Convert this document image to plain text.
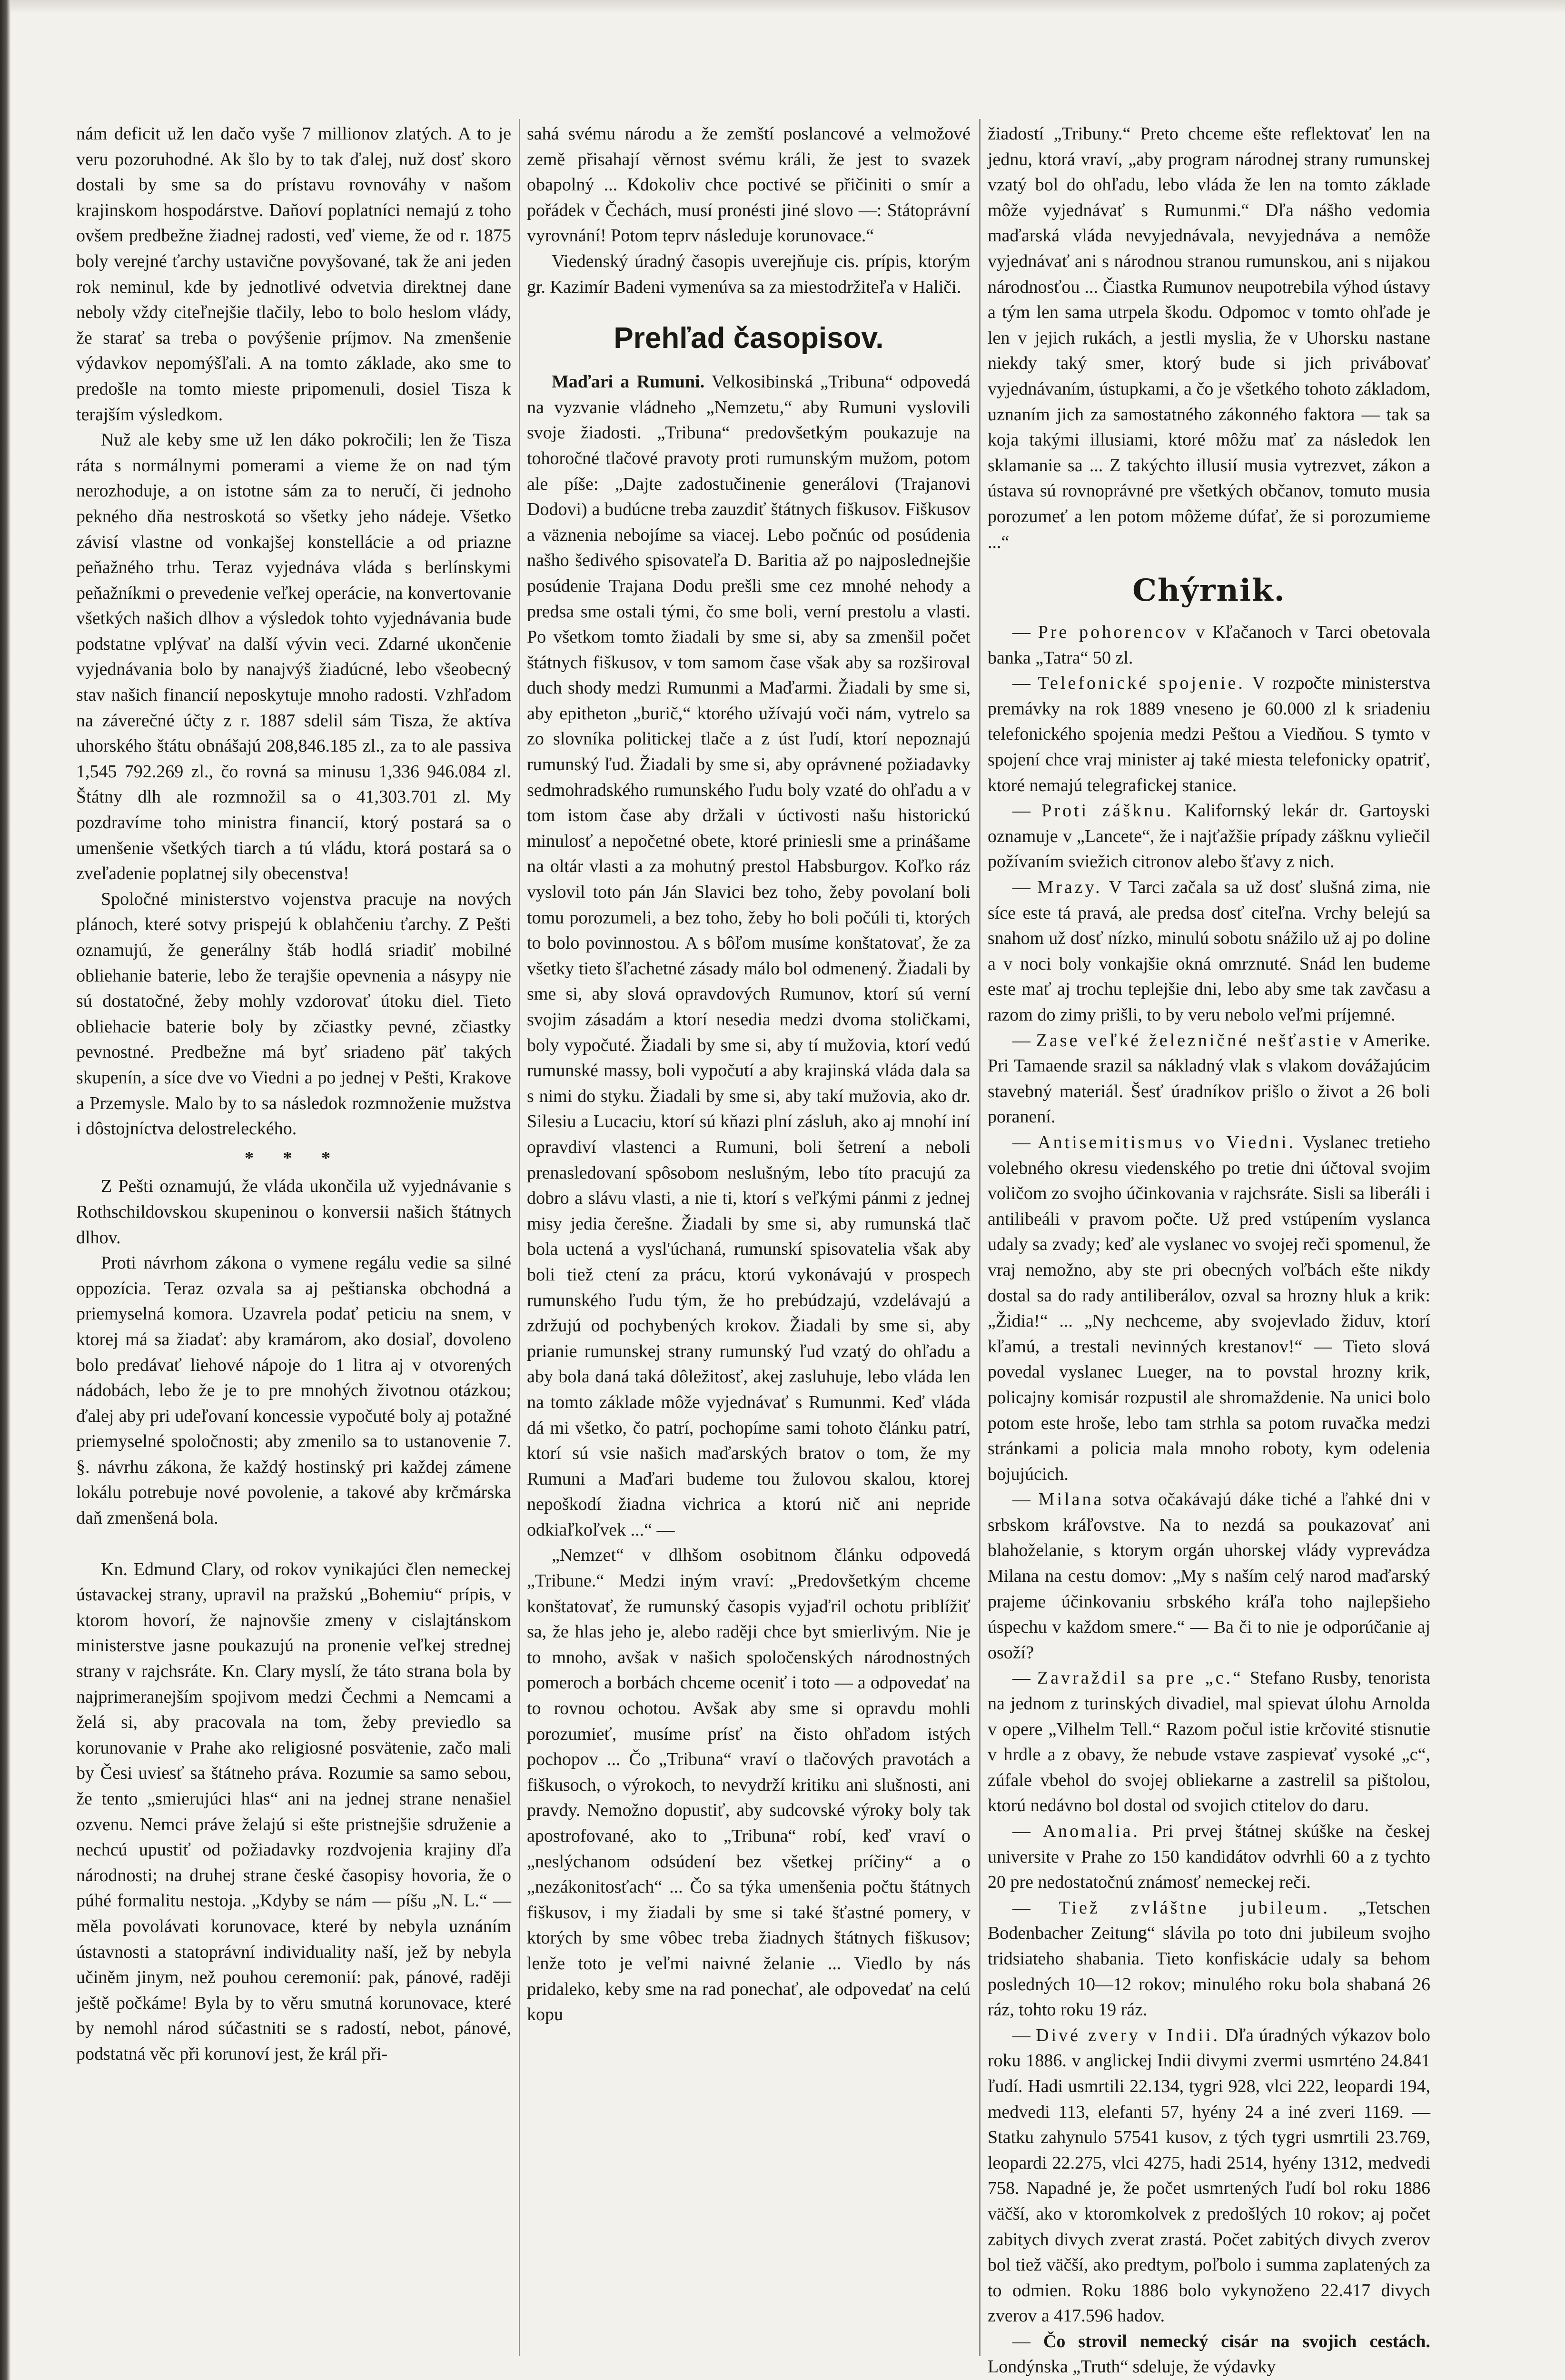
nám deficit už len dačo vyše 7 millionov zlatých. A to je veru pozoruhodné. Ak šlo by to tak ďalej, nuž dosť skoro dostali by sme sa do prístavu rovnováhy v našom krajinskom hospodárstve. Daňoví poplatníci nemajú z toho ovšem predbežne žiadnej radosti, veď vieme, že od r. 1875 boly verejné ťarchy ustavične povyšované, tak že ani jeden rok neminul, kde by jednotlivé odvetvia direktnej dane neboly vždy citeľnejšie tlačily, lebo to bolo heslom vlády, že starať sa treba o povýšenie príjmov. Na zmenšenie výdavkov nepomýšľali. A na tomto základe, ako sme to predošle na tomto mieste pripomenuli, dosiel Tisza k terajším výsledkom.

Nuž ale keby sme už len dáko pokročili; len že Tisza ráta s normálnymi pomerami a vieme že on nad tým nerozhoduje, a on istotne sám za to neručí, či jednoho pekného dňa nestroskotá so všetky jeho nádeje. Všetko závisí vlastne od vonkajšej konstellácie a od priazne peňažného trhu. Teraz vyjednáva vláda s berlínskymi peňažníkmi o prevedenie veľkej operácie, na konvertovanie všetkých našich dlhov a výsledok tohto vyjednávania bude podstatne vplývať na další vývin veci. Zdarné ukončenie vyjednávania bolo by nanajvýš žiadúcné, lebo všeobecný stav našich financií neposkytuje mnoho radosti. Vzhľadom na záverečné účty z r. 1887 sdelil sám Tisza, že aktíva uhorského štátu obnášajú 208,846.185 zl., za to ale passiva 1,545 792.269 zl., čo rovná sa minusu 1,336 946.084 zl. Štátny dlh ale rozmnožil sa o 41,303.701 zl. My pozdravíme toho ministra financií, ktorý postará sa o umenšenie všetkých tiarch a tú vládu, ktorá postará sa o zveľadenie poplatnej sily obecenstva!

Spoločné ministerstvo vojenstva pracuje na nových plánoch, které sotvy prispejú k oblahčeniu ťarchy. Z Pešti oznamujú, že generálny štáb hodlá sriadiť mobilné obliehanie baterie, lebo že terajšie opevnenia a násypy nie sú dostatočné, žeby mohly vzdorovať útoku diel. Tieto obliehacie baterie boly by zčiastky pevné, zčiastky pevnostné. Predbežne má byť sriadeno päť takých skupenín, a síce dve vo Viedni a po jednej v Pešti, Krakove a Przemysle. Malo by to sa následok rozmnoženie mužstva i dôstojníctva delostreleckého.

* * *

Z Pešti oznamujú, že vláda ukončila už vyjednávanie s Rothschildovskou skupeninou o konversii našich štátnych dlhov.

Proti návrhom zákona o vymene regálu vedie sa silné oppozícia. Teraz ozvala sa aj peštianska obchodná a priemyselná komora. Uzavrela podať peticiu na snem, v ktorej má sa žiadať: aby kramárom, ako dosiaľ, dovoleno bolo predávať liehové nápoje do 1 litra aj v otvorených nádobách, lebo že je to pre mnohých životnou otázkou; ďalej aby pri udeľovaní koncessie vypočuté boly aj potažné priemyselné spoločnosti; aby zmenilo sa to ustanovenie 7. §. návrhu zákona, že každý hostinský pri každej zámene lokálu potrebuje nové povolenie, a takové aby krčmárska daň zmenšená bola.

Kn. Edmund Clary, od rokov vynikajúci člen nemeckej ústavackej strany, upravil na pražskú „Bohemiu“ prípis, v ktorom hovorí, že najnovšie zmeny v cislajtánskom ministerstve jasne poukazujú na pronenie veľkej strednej strany v rajchsráte. Kn. Clary myslí, že táto strana bola by najprimeranejším spojivom medzi Čechmi a Nemcami a želá si, aby pracovala na tom, žeby previedlo sa korunovanie v Prahe ako religiosné posvätenie, začo mali by Česi uviesť sa štátneho práva. Rozumie sa samo sebou, že tento „smierujúci hlas“ ani na jednej strane nenašiel ozvenu. Nemci práve želajú si ešte pristnejšie sdruženie a nechcú upustiť od požiadavky rozdvojenia krajiny dľa národnosti; na druhej strane české časopisy hovoria, že o púhé formalitu nestoja. „Kdyby se nám — píšu „N. L.“ — měla povolávati korunovace, které by nebyla uznáním ústavnosti a statoprávní individuality naší, jež by nebyla učiněm jinym, než pouhou ceremonií: pak, pánové, raději ještě počkáme! Byla by to věru smutná korunovace, které by nemohl národ súčastniti se s radostí, nebot, pánové, podstatná věc při korunoví jest, že král při-

sahá svému národu a že zemští poslancové a velmožové země přisahají věrnost svému králi, že jest to svazek obapolný ... Kdokoliv chce poctivé se přičiniti o smír a pořádek v Čechách, musí pronésti jiné slovo —: Státoprávní vyrovnání! Potom teprv následuje korunovace.“

Viedenský úradný časopis uverejňuje cis. prípis, ktorým gr. Kazimír Badeni vymenúva sa za miestodržiteľa v Haliči.

Prehľad časopisov.

Maďari a Rumuni. Velkosibinská „Tribuna“ odpovedá na vyzvanie vládneho „Nemzetu,“ aby Rumuni vyslovili svoje žiadosti. „Tribuna“ predovšetkým poukazuje na tohoročné tlačové pravoty proti rumunským mužom, potom ale píše: „Dajte zadostučinenie generálovi (Trajanovi Dodovi) a budúcne treba zauzdiť štátnych fiškusov. Fiškusov a väznenia nebojíme sa viacej. Lebo počnúc od posúdenia našho šedivého spisovateľa D. Baritia až po najposlednejšie posúdenie Trajana Dodu prešli sme cez mnohé nehody a predsa sme ostali tými, čo sme boli, verní prestolu a vlasti. Po všetkom tomto žiadali by sme si, aby sa zmenšil počet štátnych fiškusov, v tom samom čase však aby sa rozširoval duch shody medzi Rumunmi a Maďarmi. Žiadali by sme si, aby epitheton „burič,“ ktorého užívajú voči nám, vytrelo sa zo slovníka politickej tlače a z úst ľudí, ktorí nepoznajú rumunský ľud. Žiadali by sme si, aby oprávnené požiadavky sedmohradského rumunského ľudu boly vzaté do ohľadu a v tom istom čase aby držali v úctivosti našu historickú minulosť a nepočetné obete, ktoré priniesli sme a prinášame na oltár vlasti a za mohutný prestol Habsburgov. Koľko ráz vyslovil toto pán Ján Slavici bez toho, žeby povolaní boli tomu porozumeli, a bez toho, žeby ho boli počúli ti, ktorých to bolo povinnostou. A s bôľom musíme konštatovať, že za všetky tieto šľachetné zásady málo bol odmenený. Žiadali by sme si, aby slová opravdových Rumunov, ktorí sú verní svojim zásadám a ktorí nesedia medzi dvoma stoličkami, boly vypočuté. Žiadali by sme si, aby tí mužovia, ktorí vedú rumunské massy, boli vypočutí a aby krajinská vláda dala sa s nimi do styku. Žiadali by sme si, aby takí mužovia, ako dr. Silesiu a Lucaciu, ktorí sú kňazi plní zásluh, ako aj mnohí iní opravdiví vlastenci a Rumuni, boli šetrení a neboli prenasledovaní spôsobom neslušným, lebo títo pracujú za dobro a slávu vlasti, a nie ti, ktorí s veľkými pánmi z jednej misy jedia čerešne. Žiadali by sme si, aby rumunská tlač bola uctená a vysl'úchaná, rumunskí spisovatelia však aby boli tiež ctení za prácu, ktorú vykonávajú v prospech rumunského ľudu tým, že ho prebúdzajú, vzdelávajú a zdržujú od pochybených krokov. Žiadali by sme si, aby prianie rumunskej strany rumunský ľud vzatý do ohľadu a aby bola daná taká dôležitosť, akej zasluhuje, lebo vláda len na tomto základe môže vyjednávať s Rumunmi. Keď vláda dá mi všetko, čo patrí, pochopíme sami tohoto článku patrí, ktorí sú vsie našich maďarských bratov o tom, že my Rumuni a Maďari budeme tou žulovou skalou, ktorej nepoškodí žiadna vichrica a ktorú nič ani nepride odkiaľkoľvek ...“ —

„Nemzet“ v dlhšom osobitnom článku odpovedá „Tribune.“ Medzi iným vraví: „Predovšetkým chceme konštatovať, že rumunský časopis vyjaďril ochotu priblížiť sa, že hlas jeho je, alebo raději chce byt smierlivým. Nie je to mnoho, avšak v našich spoločenských národnostných pomeroch a borbách chceme oceniť i toto — a odpovedať na to rovnou ochotou. Avšak aby sme si opravdu mohli porozumieť, musíme prísť na čisto ohľadom istých pochopov ... Čo „Tribuna“ vraví o tlačových pravotách a fiškusoch, o výrokoch, to nevydrží kritiku ani slušnosti, ani pravdy. Nemožno dopustiť, aby sudcovské výroky boly tak apostrofované, ako to „Tribuna“ robí, keď vraví o „neslýchanom odsúdení bez všetkej príčiny“ a o „nezákonitosťach“ ... Čo sa týka umenšenia počtu štátnych fiškusov, i my žiadali by sme si také šťastné pomery, v ktorých by sme vôbec treba žiadnych štátnych fiškusov; lenže toto je veľmi naivné želanie ... Viedlo by nás pridaleko, keby sme na rad ponechať, ale odpovedať na celú kopu

žiadostí „Tribuny.“ Preto chceme ešte reflektovať len na jednu, ktorá vraví, „aby program národnej strany rumunskej vzatý bol do ohľadu, lebo vláda že len na tomto základe môže vyjednávať s Rumunmi.“ Dľa nášho vedomia maďarská vláda nevyjednávala, nevyjednáva a nemôže vyjednávať ani s národnou stranou rumunskou, ani s nijakou národnosťou ... Čiastka Rumunov neupotrebila výhod ústavy a tým len sama utrpela škodu. Odpomoc v tomto ohľade je len v jejich rukách, a jestli myslia, že v Uhorsku nastane niekdy taký smer, ktorý bude si jich privábovať vyjednávaním, ústupkami, a čo je všetkého tohoto základom, uznaním jich za samostatného zákonného faktora — tak sa koja takými illusiami, ktoré môžu mať za následok len sklamanie sa ... Z takýchto illusií musia vytrezvet, zákon a ústava sú rovnoprávné pre všetkých občanov, tomuto musia porozumeť a len potom môžeme dúfať, že si porozumieme ...“

Chýrnik.

— Pre pohorencov v Kľačanoch v Tarci obetovala banka „Tatra“ 50 zl.

— Telefonické spojenie. V rozpočte ministerstva premávky na rok 1889 vneseno je 60.000 zl k sriadeniu telefonického spojenia medzi Peštou a Viedňou. S tymto v spojení chce vraj minister aj také miesta telefonicky opatriť, ktoré nemajú telegrafickej stanice.

— Proti zášknu. Kalifornský lekár dr. Gartoyski oznamuje v „Lancete“, že i najťažšie prípady zášknu vyliečil požívaním sviežich citronov alebo šťavy z nich.

— Mrazy. V Tarci začala sa už dosť slušná zima, nie síce este tá pravá, ale predsa dosť citeľna. Vrchy belejú sa snahom už dosť nízko, minulú sobotu snážilo už aj po doline a v noci boly vonkajšie okná omrznuté. Snád len budeme este mať aj trochu teplejšie dni, lebo aby sme tak zavčasu a razom do zimy prišli, to by veru nebolo veľmi príjemné.

— Zase veľké železničné nešťastie v Amerike. Pri Tamaende srazil sa nákladný vlak s vlakom dovážajúcim stavebný materiál. Šesť úradníkov prišlo o život a 26 boli poranení.

— Antisemitismus vo Viedni. Vyslanec tretieho volebného okresu viedenského po tretie dni účtoval svojim voličom zo svojho účinkovania v rajchsráte. Sisli sa liberáli i antilibeáli v pravom počte. Už pred vstúpením vyslanca udaly sa zvady; keď ale vyslanec vo svojej reči spomenul, že vraj nemožno, aby ste pri obecných voľbách ešte nikdy dostal sa do rady antiliberálov, ozval sa hrozny hluk a krik: „Židia!“ ... „Ny nechceme, aby svojevlado židuv, ktorí kľamú, a trestali nevinných krestanov!“ — Tieto slová povedal vyslanec Lueger, na to povstal hrozny krik, policajny komisár rozpustil ale shromaždenie. Na unici bolo potom este hroše, lebo tam strhla sa potom ruvačka medzi stránkami a policia mala mnoho roboty, kym odelenia bojujúcich.

— Milana sotva očakávajú dáke tiché a ľahké dni v srbskom kráľovstve. Na to nezdá sa poukazovať ani blahoželanie, s ktorym orgán uhorskej vlády vyprevádza Milana na cestu domov: „My s naším celý narod maďarský prajeme účinkovaniu srbského kráľa toho najlepšieho úspechu v každom smere.“ — Ba či to nie je odporúčanie aj osoží?

— Zavraždil sa pre „c.“ Stefano Rusby, tenorista na jednom z turinských divadiel, mal spievat úlohu Arnolda v opere „Vilhelm Tell.“ Razom počul istie krčovité stisnutie v hrdle a z obavy, že nebude vstave zaspievať vysoké „c“, zúfale vbehol do svojej obliekarne a zastrelil sa pištolou, ktorú nedávno bol dostal od svojich ctitelov do daru.

— Anomalia. Pri prvej štátnej skúške na českej universite v Prahe zo 150 kandidátov odvrhli 60 a z tychto 20 pre nedostatočnú známosť nemeckej reči.

— Tiež zvláštne jubileum. „Tetschen Bodenbacher Zeitung“ slávila po toto dni jubileum svojho tridsiateho shabania. Tieto konfiskácie udaly sa behom posledných 10—12 rokov; minulého roku bola shabaná 26 ráz, tohto roku 19 ráz.

— Divé zvery v Indii. Dľa úradných výkazov bolo roku 1886. v anglickej Indii divymi zvermi usmrténo 24.841 ľudí. Hadi usmrtili 22.134, tygri 928, vlci 222, leopardi 194, medvedi 113, elefanti 57, hyény 24 a iné zveri 1169. — Statku zahynulo 57541 kusov, z tých tygri usmrtili 23.769, leopardi 22.275, vlci 4275, hadi 2514, hyény 1312, medvedi 758. Napadné je, že počet usmrtených ľudí bol roku 1886 väčší, ako v ktoromkolvek z predošlých 10 rokov; aj počet zabitych divych zverat zrastá. Počet zabitých divych zverov bol tiež väčší, ako predtym, poľbolo i summa zaplatených za to odmien. Roku 1886 bolo vykynoženo 22.417 divych zverov a 417.596 hadov.

— Čo strovil nemecký cisár na svojich cestách. Londýnska „Truth“ sdeluje, že výdavky
